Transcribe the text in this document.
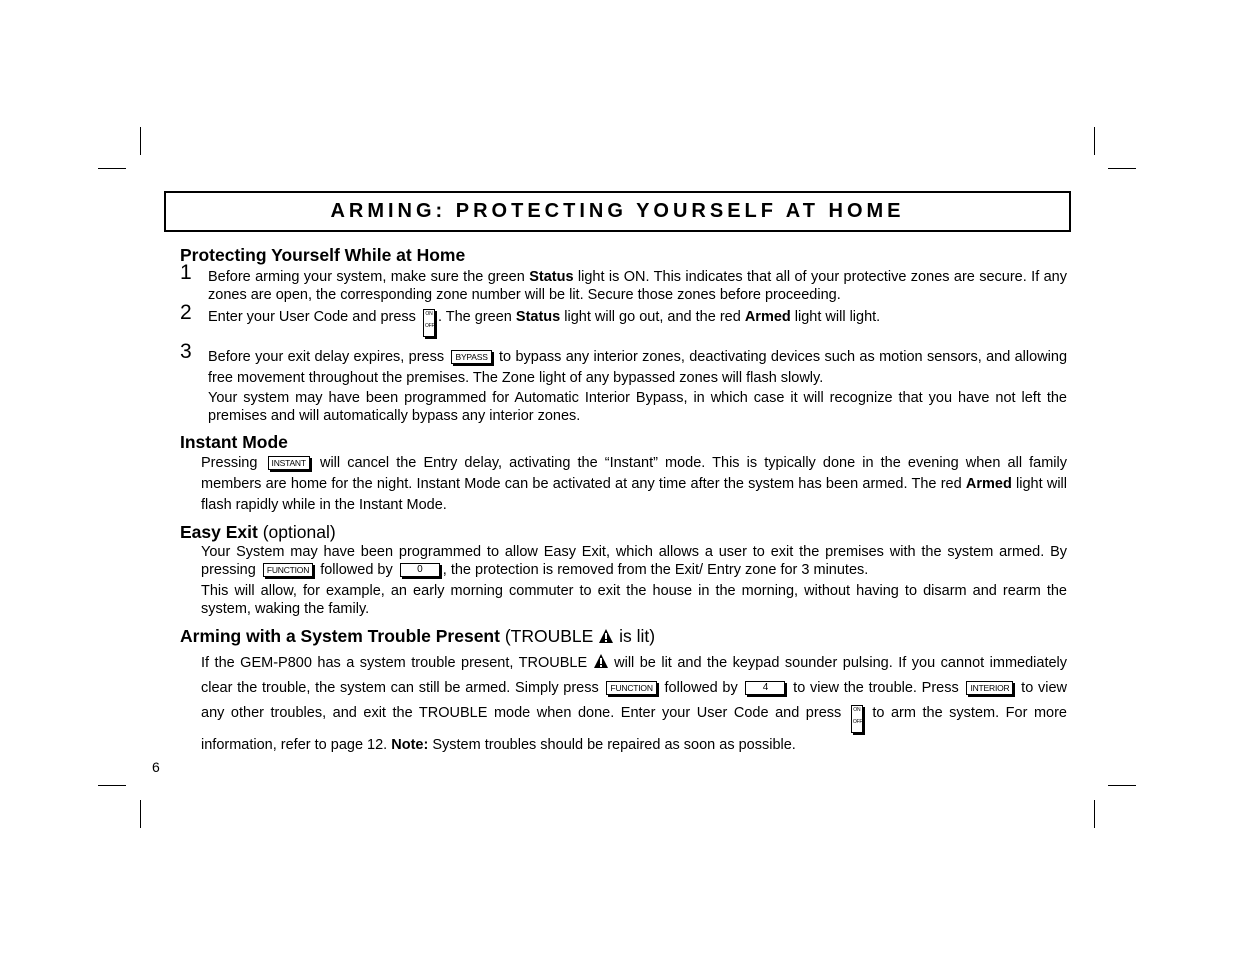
ARMING: PROTECTING YOURSELF AT HOME
Protecting Yourself While at Home
1 Before arming your system, make sure the green Status light is ON. This indicates that all of your protective zones are secure. If any zones are open, the corresponding zone number will be lit. Secure those zones before proceeding.

2 Enter your User Code and press ON

OFF. The green Status light will go out, and the red Armed light will light.

3 Before your exit delay expires, press BYPASS to bypass any interior zones, deactivating devices such as motion sensors, and allowing free movement throughout the premises. The Zone light of any bypassed zones will flash slowly.

Your system may have been programmed for Automatic Interior Bypass, in which case it will recognize that you have not left the premises and will automatically bypass any interior zones.

Instant Mode

Pressing INSTANT will cancel the Entry delay, activating the “Instant” mode. This is typically done in the evening when all family members are home for the night. Instant Mode can be activated at any time after the system has been armed. The red Armed light will flash rapidly while in the Instant Mode.

Easy Exit (optional)

Your System may have been programmed to allow Easy Exit, which allows a user to exit the premises with the system armed. By pressing FUNCTION followed by 0 , the protection is removed from the Exit/ Entry zone for 3 minutes.

This will allow, for example, an early morning commuter to exit the house in the morning, without having to disarm and rearm the system, waking the family.

Arming with a System Trouble Present (TROUBLE is lit)

If the GEM-P800 has a system trouble present, TROUBLE  will be lit and the keypad sounder pulsing. If you cannot immediately clear the trouble, the system can still be armed. Simply press FUNCTION followed by	4 to view the trouble. Press INTERIOR to view any other troubles, and exit the TROUBLE mode when done. Enter your User Code and press ON

OFF to arm the system. For more information, refer to page 12. Note: System troubles should be repaired as soon as possible.

6
